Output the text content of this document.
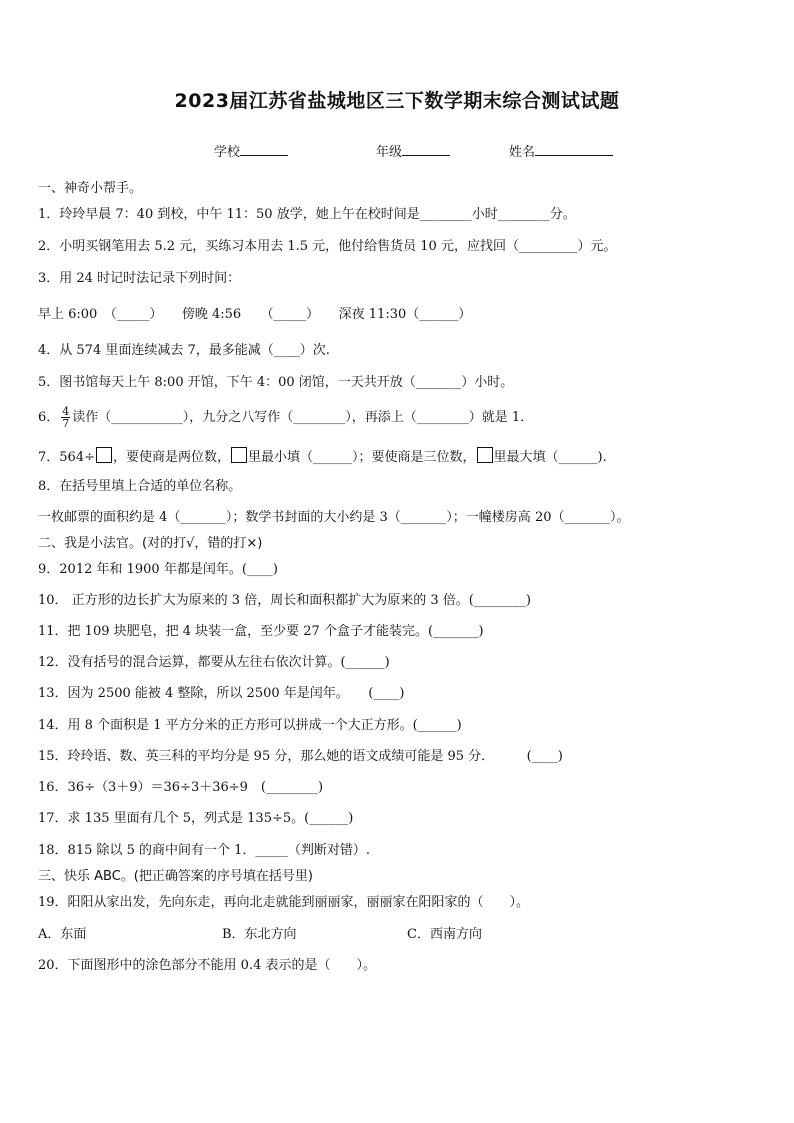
2023届江苏省盐城地区三下数学期末综合测试试题
学校	年级	姓名
一、神奇小帮手。
1．玲玲早晨 7：40 到校，中午 11：50 放学，她上午在校时间是________小时________分。
2．小明买钢笔用去 5.2 元，买练习本用去 1.5 元，他付给售货员 10 元，应找回（_________）元。
3．用 24 时记时法记录下列时间：
早上 6:00　（_____）　　傍晚 4:56　　（_____）　　深夜 11:30（______）
4．从 574 里面连续减去 7，最多能减（____）次.
5．图书馆每天上午 8:00 开馆，下午 4：00 闭馆，一天共开放（_______）小时。
6． $\frac{4}{7}$ 读作（___________），九分之八写作（________），再添上（________）就是 1．
7．564÷ ，要使商是两位数， 里最小填（______）；要使商是三位数， 里最大填（______).
8．在括号里填上合适的单位名称。
一枚邮票的面积约是 4（_______）；数学书封面的大小约是 3（_______）；一幢楼房高 20（_______）。
二、我是小法官。(对的打√，错的打×)
9．2012 年和 1900 年都是闰年。(____)
10． 正方形的边长扩大为原来的 3 倍，周长和面积都扩大为原来的 3 倍。(________)
11．把 109 块肥皂，把 4 块装一盒，至少要 27 个盒子才能装完。(_______)
12．没有括号的混合运算，都要从左往右依次计算。(______)
13．因为 2500 能被 4 整除，所以 2500 年是闰年。　　(____)
14．用 8 个面积是 1 平方分米的正方形可以拼成一个大正方形。(______)
15．玲玲语、数、英三科的平均分是 95 分，那么她的语文成绩可能是 95 分．　　　(____)
16．36÷（3＋9）＝36÷3＋36÷9　(________)
17．求 135 里面有几个 5，列式是 135÷5。(______)
18．815 除以 5 的商中间有一个 1．_____（判断对错）.
三、快乐 ABC。(把正确答案的序号填在括号里)
19．阳阳从家出发，先向东走，再向北走就能到丽丽家，丽丽家在阳阳家的（　　）。
A．东面	B．东北方向	C．西南方向
20．下面图形中的涂色部分不能用 0.4 表示的是（　　）。
